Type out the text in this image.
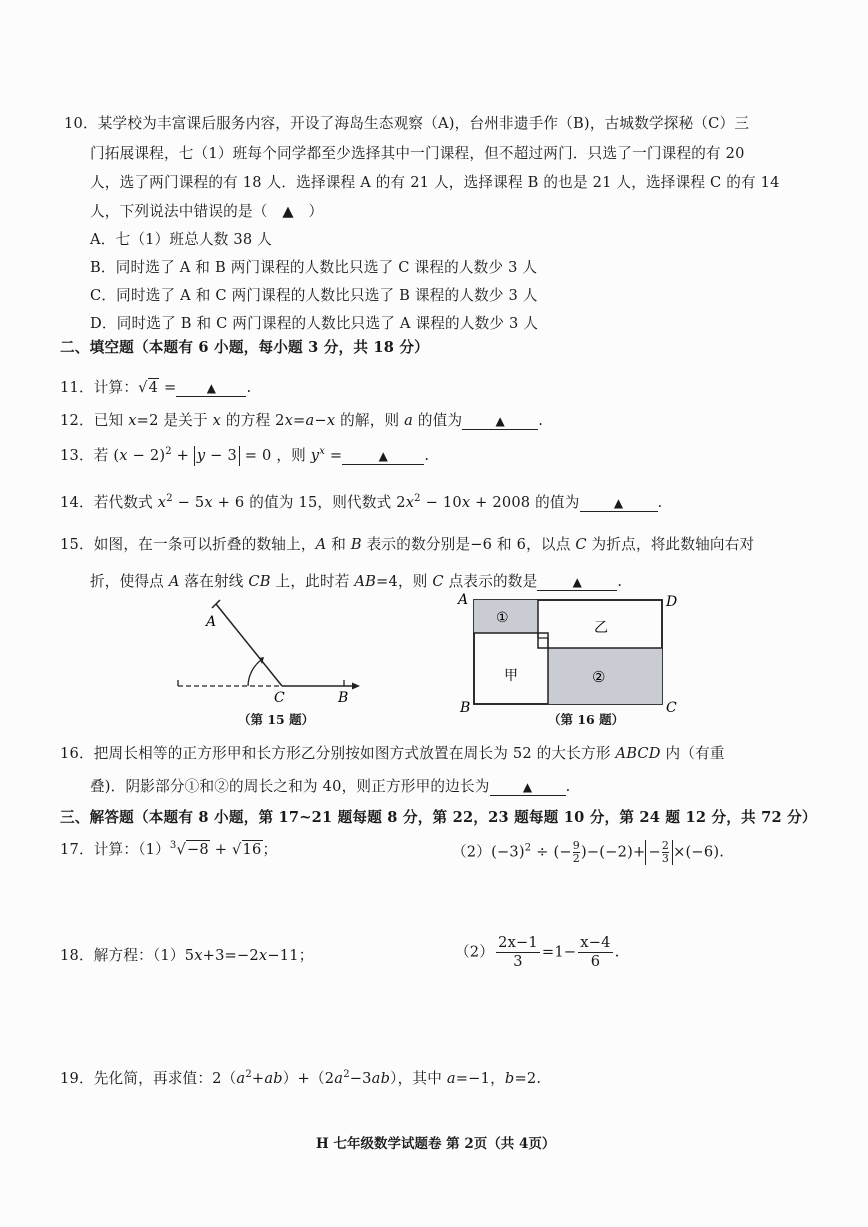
10．某学校为丰富课后服务内容，开设了海岛生态观察（A)，台州非遗手作（B)，古城数学探秘（C）三
门拓展课程，七（1）班每个同学都至少选择其中一门课程，但不超过两门．只选了一门课程的有 20
人，选了两门课程的有 18 人．选择课程 A 的有 21 人，选择课程 B 的也是 21 人，选择课程 C 的有 14
人，下列说法中错误的是（　▲　）
A．七（1）班总人数 38 人
B．同时选了 A 和 B 两门课程的人数比只选了 C 课程的人数少 3 人
C．同时选了 A 和 C 两门课程的人数比只选了 B 课程的人数少 3 人
D．同时选了 B 和 C 两门课程的人数比只选了 A 课程的人数少 3 人
二、填空题（本题有 6 小题，每小题 3 分，共 18 分）
11．计算：√4 =	▲ .
12．已知 x=2 是关于 x 的方程 2x=a−x 的解，则 a 的值为	▲ .
13．若 $(x - 2)^2 + y - 3 = 0$ ，则 $y^x$ =	▲ .
14．若代数式 $x^2 - 5x + 6$ 的值为 15，则代数式 $2x^2 - 10x + 2008$ 的值为	▲ .
15．如图，在一条可以折叠的数轴上，A 和 B 表示的数分别是−6 和 6，以点 C 为折点，将此数轴向右对
折，使得点 A 落在射线 CB 上，此时若 AB=4，则 C 点表示的数是	▲ .
A
C	B
（第 15 题）
①
②
甲
乙
A	D
B	C
（第 16 题）
16．把周长相等的正方形甲和长方形乙分别按如图方式放置在周长为 52 的大长方形 ABCD 内（有重
叠)．阴影部分①和②的周长之和为 40，则正方形甲的边长为	▲ .
三、解答题（本题有 8 小题，第 17~21 题每题 8 分，第 22，23 题每题 10 分，第 24 题 12 分，共 72 分）
17．计算：$(1)^3√-8 + √16$；	$(2)(-3)^2$ ÷ (− $\frac{9}{2} )-(-2)+ - \frac{2}{3} \times(-6)$.
18．解方程：（1）5x+3=−2x−11；	$(2) \frac{2x-1}{3} =1- \frac{x-4}{6}$ .
19．先化简，再求值：$2(a^2+ab)+(2a^2-3ab)$，其中 a=−1，b=2.
H 七年级数学试题卷 第 2页（共 4页）
